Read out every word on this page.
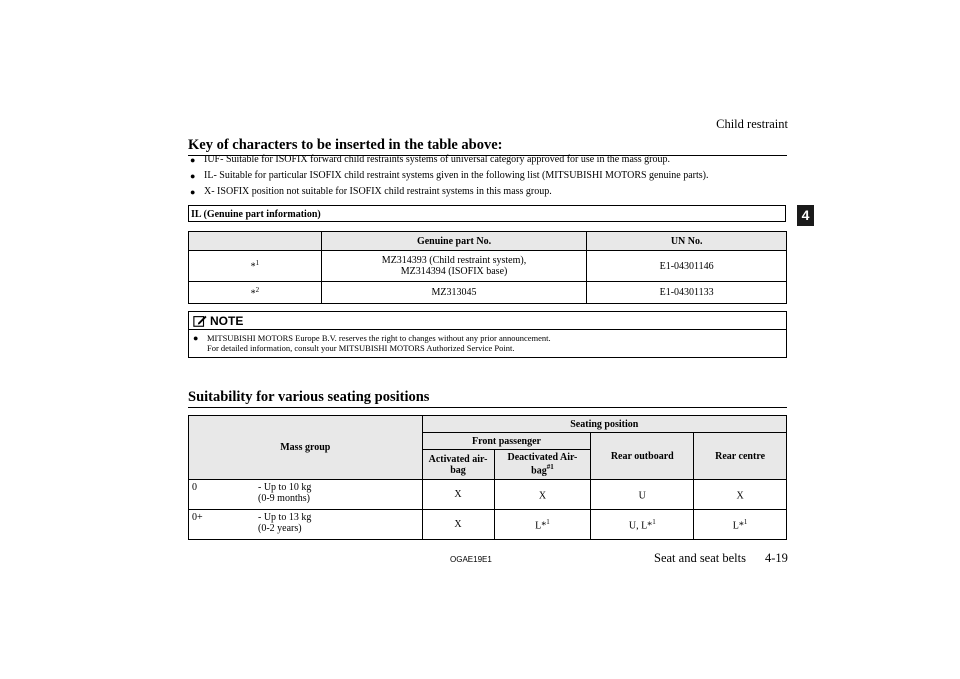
Child restraint
4
Key of characters to be inserted in the table above:
● IUF- Suitable for ISOFIX forward child restraints systems of universal category approved for use in the mass group.
● IL- Suitable for particular ISOFIX child restraint systems given in the following list (MITSUBISHI MOTORS genuine parts).
● X- ISOFIX position not suitable for ISOFIX child restraint systems in this mass group.
IL (Genuine part information)
	Genuine part No.	UN No.
*$^1$	MZ314393 (Child restraint system),
MZ314394 (ISOFIX base)	E1-04301146
*$^2$	MZ313045	E1-04301133
NOTE
●	MITSUBISHI MOTORS Europe B.V. reserves the right to changes without any prior announcement.
For detailed information, consult your MITSUBISHI MOTORS Authorized Service Point.
Suitability for various seating positions
Mass group	Seating position			
	Front passenger		Rear outboard	Rear centre
	Activated air-bag	Deactivated Air-bag$^{\#1}$

0 - Up to 10 kg
(0-9 months)	X	X	U	X

0+ - Up to 13 kg
(0-2 years)	X	L*$^1$	U, L*$^1$	L*$^1$
OGAE19E1	Seat and seat belts 4-19
